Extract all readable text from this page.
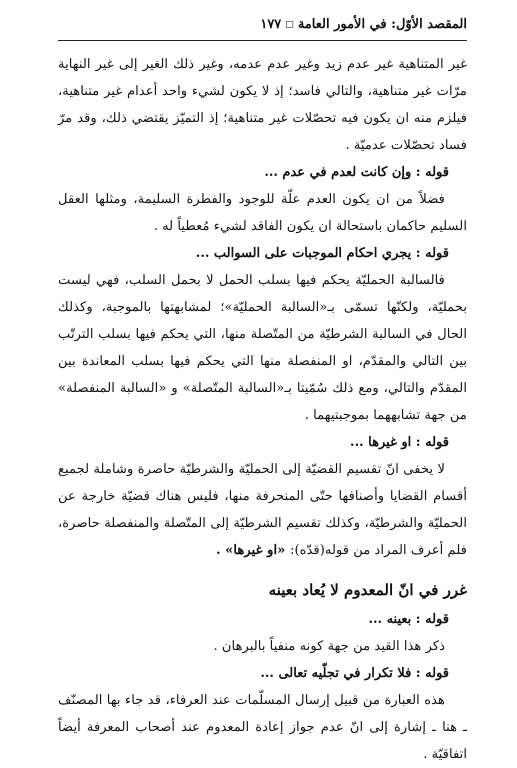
المقصد الأوّل: في الأمور العامة
□
١٧٧

غير المتناهية غير عدم زيد وغير عدم عدمه، وغير ذلك الغير إلى غير النهاية مرّات غير متناهية، والتالي فاسد؛ إذ لا يكون لشيء واحد أعدام غير متناهية، فيلزم منه ان يكون فيه تحصّلات غير متناهية؛ إذ التميّز يقتضي ذلك، وقد مرّ فساد تحصّلات عدميّة .

قوله : وإن كانت لعدم في عدم ...

فضلاً من ان يكون العدم علّة للوجود والفطرة السليمة، ومثلها العقل السليم حاكمان باستحالة ان يكون الفاقد لشيء مُعطياً له .

قوله : يجري احكام الموجبات على السوالب ...

فالسالبة الحمليّة يحكم فيها بسلب الحمل لا بحمل السلب، فهي ليست بحمليّة، ولكنّها تسمّى بـ«السالبة الحمليّة»؛ لمشابهتها بالموجبة، وكذلك الحال في السالبة الشرطيّة من المتّصلة منها، التي يحكم فيها بسلب الترتّب بين التالي والمقدّم، او المنفصلة منها التي يحكم فيها بسلب المعاندة بين المقدّم والتالي، ومع ذلك سُمّيتا بـ«السالبة المتّصلة» و «السالبة المنفصلة» من جهة تشابههما بموجبتيهما .

قوله : او غيرها ...

لا يخفى انّ تقسيم القضيّة إلى الحمليّة والشرطيّة حاصرة وشاملة لجميع أقسام القضايا وأصنافها حتّى المنحرفة منها، فليس هناك قضيّة خارجة عن الحمليّة والشرطيّة، وكذلك تقسيم الشرطيّة إلى المتّصلة والمنفصلة حاصرة، فلم أعرف المراد من قوله(قدّه): «او غيرها» .

غرر في انّ المعدوم لا يُعاد بعينه

قوله : بعينه ...

ذكر هذا القيد من جهة كونه منفياً بالبرهان .

قوله : فلا تكرار في تجلّيه تعالى ...

هذه العبارة من قبيل إرسال المسلّمات عند العرفاء، قد جاء بها المصنّف ـ هنا ـ إشارة إلى انّ عدم جواز إعادة المعدوم عند أصحاب المعرفة أيضاً اتفاقيّة .
